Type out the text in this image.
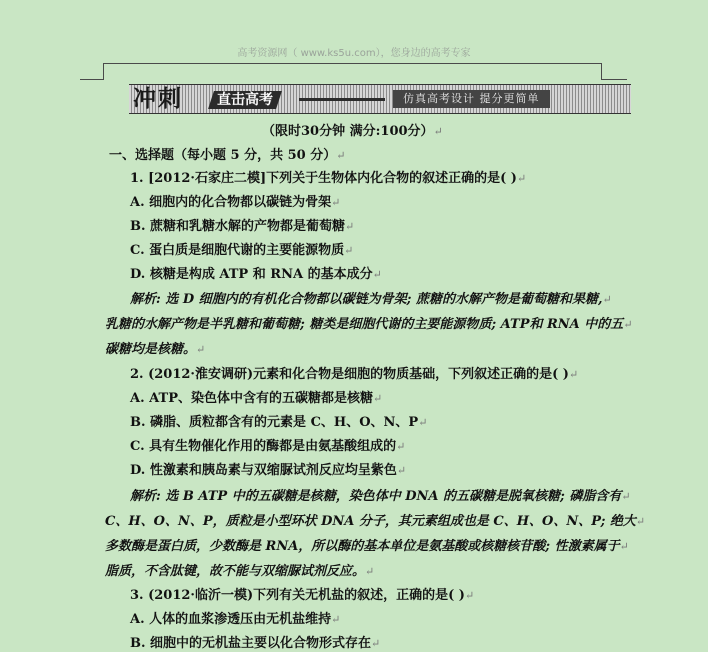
高考资源网（ www.ks5u.com），您身边的高考专家
冲刺	直击高考	仿真高考设计 提分更简单
（限时30分钟 满分:100分）↵
一、选择题（每小题 5 分，共 50 分）↵
1. [2012·石家庄二模]下列关于生物体内化合物的叙述正确的是( )↵
A. 细胞内的化合物都以碳链为骨架↵
B. 蔗糖和乳糖水解的产物都是葡萄糖↵
C. 蛋白质是细胞代谢的主要能源物质↵
D. 核糖是构成 ATP 和 RNA 的基本成分↵
解析: 选 D 细胞内的有机化合物都以碳链为骨架; 蔗糖的水解产物是葡萄糖和果糖,↵
乳糖的水解产物是半乳糖和葡萄糖; 糖类是细胞代谢的主要能源物质; ATP和 RNA 中的五↵
碳糖均是核糖。↵
2. (2012·淮安调研)元素和化合物是细胞的物质基础，下列叙述正确的是( )↵
A. ATP、染色体中含有的五碳糖都是核糖↵
B. 磷脂、质粒都含有的元素是 C、H、O、N、P↵
C. 具有生物催化作用的酶都是由氨基酸组成的↵
D. 性激素和胰岛素与双缩脲试剂反应均呈紫色↵
解析: 选 B ATP 中的五碳糖是核糖，染色体中 DNA 的五碳糖是脱氧核糖; 磷脂含有↵
C、H、O、N、P，质粒是小型环状 DNA 分子，其元素组成也是 C、H、O、N、P; 绝大↵
多数酶是蛋白质，少数酶是 RNA，所以酶的基本单位是氨基酸或核糖核苷酸; 性激素属于↵
脂质，不含肽键，故不能与双缩脲试剂反应。↵
3. (2012·临沂一模)下列有关无机盐的叙述，正确的是( )↵
A. 人体的血浆渗透压由无机盐维持↵
B. 细胞中的无机盐主要以化合物形式存在↵
